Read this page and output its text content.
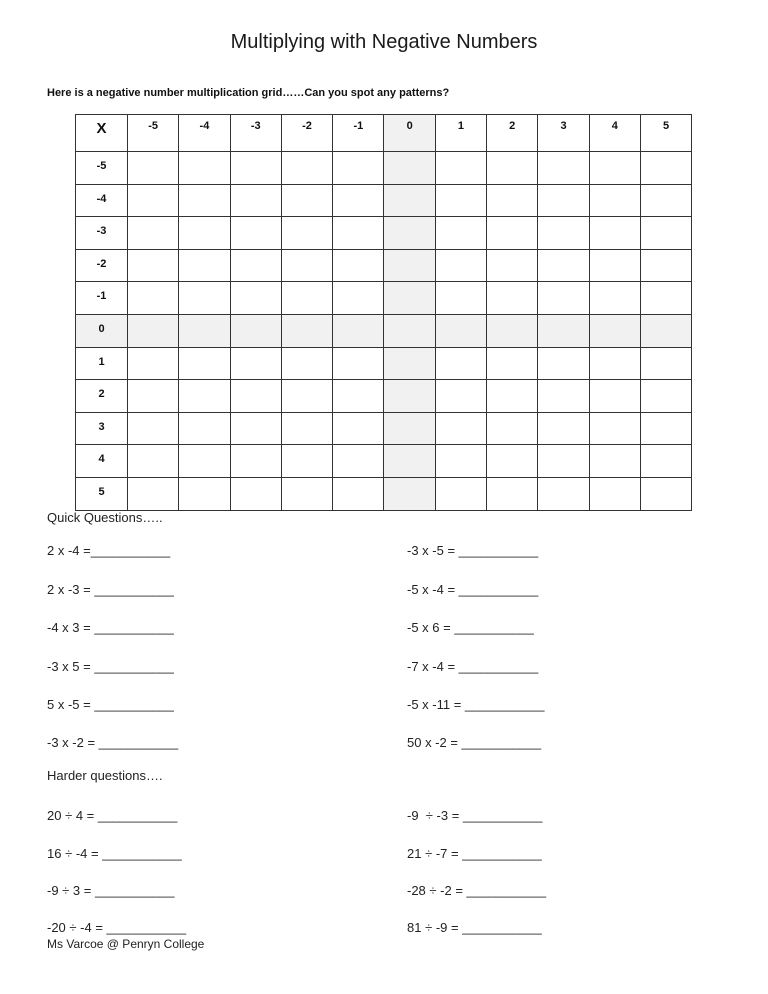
Multiplying with Negative Numbers
Here is a negative number multiplication grid……Can you spot any patterns?
X	-5	-4	-3	-2	-1	0	1	2	3	4	5
-5											
-4											
-3											
-2											
-1											
0											
1											
2											
3											
4											
5											
Quick Questions…..
2 x -4 =___________
2 x -3 = ___________
-4 x 3 = ___________
-3 x 5 = ___________
5 x -5 = ___________
-3 x -2 = ___________
-3 x -5 = ___________
-5 x -4 = ___________
-5 x 6 = ___________
-7 x -4 = ___________
-5 x -11 = ___________
50 x -2 = ___________
Harder questions….
20 ÷ 4 = ___________
16 ÷ -4 = ___________
-9 ÷ 3 = ___________
-20 ÷ -4 = ___________
-9  ÷ -3 = ___________
21 ÷ -7 = ___________
-28 ÷ -2 = ___________
81 ÷ -9 = ___________
Ms Varcoe @ Penryn College
